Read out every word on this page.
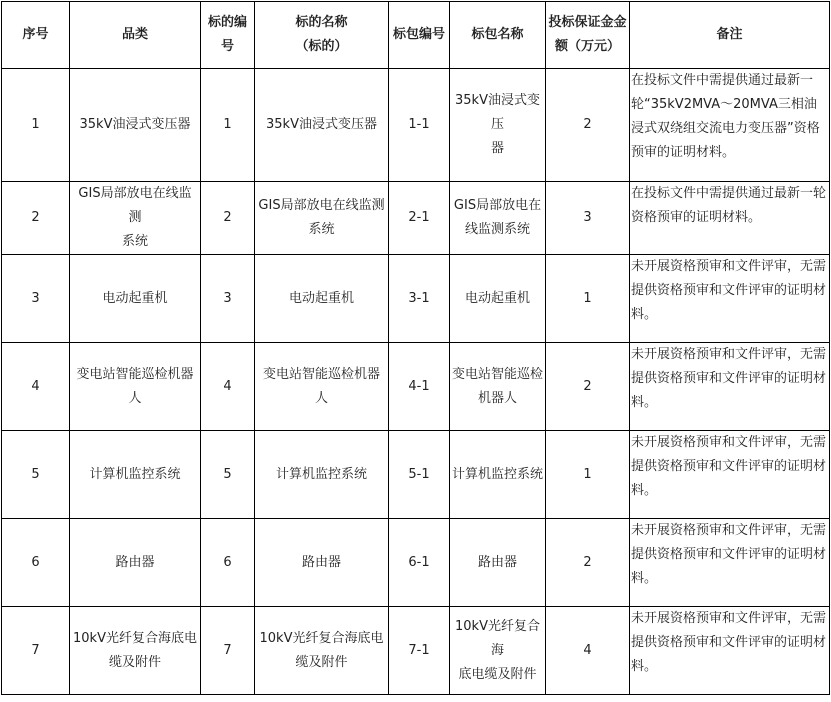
序号	品类	标的编号	标的名称
（标的）	标包编号	标包名称	投标保证金金
额（万元）	备注

1	35kV油浸式变压器	1	35kV油浸式变压器	1-1	35kV油浸式变压
器	2	在投标文件中需提供通过最新一轮“35kV2MVA～20MVA三相油浸式双绕组交流电力变压器”资格预审的证明材料。

2	GIS局部放电在线监测
系统	2	GIS局部放电在线监测
系统	2-1	GIS局部放电在
线监测系统	3	在投标文件中需提供通过最新一轮资格预审的证明材料。

3	电动起重机	3	电动起重机	3-1	电动起重机	1	未开展资格预审和文件评审，无需提供资格预审和文件评审的证明材料。

4	变电站智能巡检机器人	4	变电站智能巡检机器
人	4-1	变电站智能巡检
机器人	2	未开展资格预审和文件评审，无需提供资格预审和文件评审的证明材料。

5	计算机监控系统	5	计算机监控系统	5-1	计算机监控系统	1	未开展资格预审和文件评审，无需提供资格预审和文件评审的证明材料。

6	路由器	6	路由器	6-1	路由器	2	未开展资格预审和文件评审，无需提供资格预审和文件评审的证明材料。

7	10kV光纤复合海底电
缆及附件	7	10kV光纤复合海底电
缆及附件	7-1	10kV光纤复合海
底电缆及附件	4	未开展资格预审和文件评审，无需提供资格预审和文件评审的证明材料。
